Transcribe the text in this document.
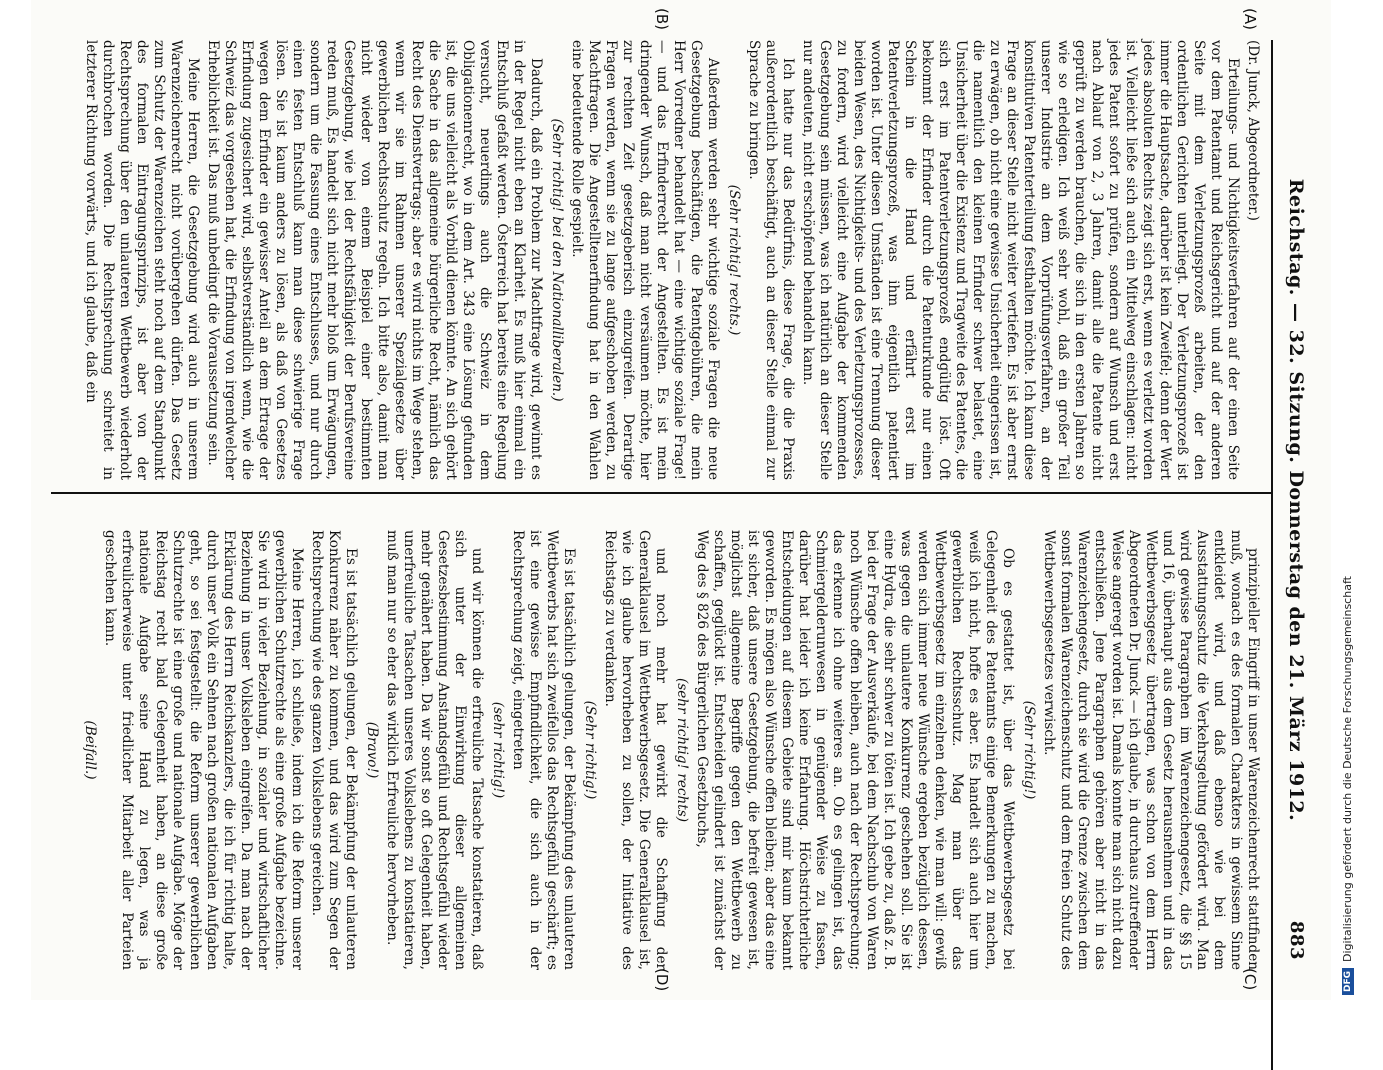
Reichstag. — 32. Sitzung. Donnerstag den 21. März 1912.
883
(A)
(B)
(C)
(D)

(Dr. Junck, Abgeordneter.)

Erteilungs- und Nichtigkeitsverfahren auf der einen Seite vor dem Patentamt und Reichsgericht und auf der anderen Seite mit dem Verletzungsprozeß arbeiten, der den ordentlichen Gerichten unterliegt. Der Verletzungsprozeß ist immer die Hauptsache, darüber ist kein Zweifel; denn der Wert jedes absoluten Rechts zeigt sich erst, wenn es verletzt worden ist. Vielleicht ließe sich auch ein Mittelweg einschlagen: nicht jedes Patent sofort zu prüfen, sondern auf Wunsch und erst nach Ablauf von 2, 3 Jahren, damit alle die Patente nicht geprüft zu werden brauchen, die sich in den ersten Jahren so wie so erledigen. Ich weiß sehr wohl, daß ein großer Teil unserer Industrie an dem Vorprüfungsverfahren, an der konstitutiven Patenterteilung festhalten möchte. Ich kann diese Frage an dieser Stelle nicht weiter vertiefen. Es ist aber ernst zu erwägen, ob nicht eine gewisse Unsicherheit eingerissen ist, die namentlich den kleinen Erfinder schwer belastet, eine Unsicherheit über die Existenz und Tragweite des Patentes, die sich erst im Patentverletzungsprozeß endgültig löst. Oft bekommt der Erfinder durch die Patenturkunde nur einen Schein in die Hand und erfährt erst im Patentverletzungsprozeß, was ihm eigentlich patentiert worden ist. Unter diesen Umständen ist eine Trennung dieser beiden Wesen, des Nichtigkeits- und des Verletzungsprozesses, zu fordern, wird vielleicht eine Aufgabe der kommenden Gesetzgebung sein müssen, was ich natürlich an dieser Stelle nur andeuten, nicht erschöpfend behandeln kann.

Ich hatte nur das Bedürfnis, diese Frage, die die Praxis außerordentlich beschäftigt, auch an dieser Stelle einmal zur Sprache zu bringen.

(Sehr richtig! rechts.)

Außerdem werden sehr wichtige soziale Fragen die neue Gesetzgebung beschäftigen, die Patentgebühren, die mein Herr Vorredner behandelt hat — eine wichtige soziale Frage! — und das Erfinderrecht der Angestellten. Es ist mein dringender Wunsch, daß man nicht versäumen möchte, hier zur rechten Zeit gesetzgeberisch einzugreifen. Derartige Fragen werden, wenn sie zu lange aufgeschoben werden, zu Machtfragen. Die Angestelltenerfindung hat in den Wahlen eine bedeutende Rolle gespielt.

(Sehr richtig! bei den Nationalliberalen.)

Dadurch, daß ein Problem zur Machtfrage wird, gewinnt es in der Regel nicht eben an Klarheit. Es muß hier einmal ein Entschluß gefaßt werden. Österreich hat bereits eine Regelung versucht, neuerdings auch die Schweiz in dem Obligationenrecht, wo in dem Art. 343 eine Lösung gefunden ist, die uns vielleicht als Vorbild dienen könnte. An sich gehört die Sache in das allgemeine bürgerliche Recht, nämlich das Recht des Dienstvertrags; aber es wird nichts im Wege stehen, wenn wir sie im Rahmen unserer Spezialgesetze über gewerblichen Rechtsschutz regeln. Ich bitte also, damit man nicht wieder von einem Beispiel einer bestimmten Gesetzgebung, wie bei der Rechtsfähigkeit der Berufsvereine reden muß, Es handelt sich nicht mehr bloß um Erwägungen, sondern um die Fassung eines Entschlusses, und nur durch einen festen Entschluß kann man diese schwierige Frage lösen. Sie ist kaum anders zu lösen, als daß von Gesetzes wegen dem Erfinder ein gewisser Anteil an dem Ertrage der Erfindung zugesichert wird, selbstverständlich wenn, wie die Schweiz das vorgesehen hat, die Erfindung von irgendwelcher Erheblichkeit ist. Das muß unbedingt die Voraussetzung sein.

Meine Herren, die Gesetzgebung wird auch in unserem Warenzeichenrecht nicht vorübergehen dürfen. Das Gesetz zum Schutz der Warenzeichen steht noch auf dem Standpunkt des formalen Eintragungsprinzips, ist aber von der Rechtsprechung über den unlauteren Wettbewerb wiederholt durchbrochen worden. Die Rechtsprechung schreitet in letzterer Richtung vorwärts, und ich glaube, daß ein

prinzipieller Eingriff in unser Warenzeichenrecht stattfinden muß, wonach es des formalen Charakters in gewissem Sinne entkleidet wird, und daß ebenso wie bei dem Ausstattungsschutz die Verkehrsgeltung gefördert wird. Man wird gewisse Paragraphen im Warenzeichengesetz, die §§ 15 und 16, überhaupt aus dem Gesetz herausnehmen und in das Wettbewerbsgesetz übertragen, was schon von dem Herrn Abgeordneten Dr. Junck — ich glaube, in durchaus zutreffender Weise angeregt worden ist. Damals konnte man sich nicht dazu entschließen. Jene Paragraphen gehören aber nicht in das Warenzeichengesetz, durch sie wird die Grenze zwischen dem sonst formalen Warenzeichenschutz und dem freien Schutz des Wettbewerbsgesetzes verwischt.

(Sehr richtig!)

Ob es gestattet ist, über das Wettbewerbsgesetz bei Gelegenheit des Patentamts einige Bemerkungen zu machen, weiß ich nicht, hoffe es aber. Es handelt sich auch hier um gewerblichen Rechtsschutz. Mag man über das Wettbewerbsgesetz im einzelnen denken, wie man will: gewiß werden sich immer neue Wünsche ergeben bezüglich dessen, was gegen die unlautere Konkurrenz geschehen soll. Sie ist eine Hydra, die sehr schwer zu töten ist. Ich gebe zu, daß z. B. bei der Frage der Ausverkäufe, bei dem Nachschub von Waren noch Wünsche offen bleiben, auch nach der Rechtsprechung; das erkenne ich ohne weiteres an. Ob es gelingen ist, das Schmiergelderunwesen in genügender Weise zu fassen, darüber hat leider ich keine Erfahrung. Höchstrichterliche Entscheidungen auf diesem Gebiete sind mir kaum bekannt geworden. Es mögen also Wünsche offen bleiben; aber das eine ist sicher, daß unsere Gesetzgebung, die befreit gewesen ist, möglichst allgemeine Begriffe gegen den Wettbewerb zu schaffen, geglückt ist. Entscheiden gelindert ist zunächst der Weg des § 826 des Bürgerlichen Gesetzbuchs,

(sehr richtig! rechts)

und noch mehr hat gewirkt die Schaffung der Generalklausel im Wettbewerbsgesetz. Die Generalklausel ist, wie ich glaube hervorheben zu sollen, der Initiative des Reichstags zu verdanken.

(Sehr richtig!)

Es ist tatsächlich gelungen, der Bekämpfung des unlauteren Wettbewerbs hat sich zweifellos das Rechtsgefühl geschärft; es ist eine gewisse Empfindlichkeit, die sich auch in der Rechtsprechung zeigt, eingetreten

(sehr richtig!)

und wir können die erfreuliche Tatsache konstatieren, daß sich unter der Einwirkung dieser allgemeinen Gesetzesbestimmung Anstandsgefühl und Rechtsgefühl wieder mehr genähert haben. Da wir sonst so oft Gelegenheit haben, unerfreuliche Tatsachen unseres Volkslebens zu konstatieren, muß man nur so eher das wirklich Erfreuliche hervorheben.

(Bravo!)

Es ist tatsächlich gelungen, der Bekämpfung der unlauteren Konkurrenz näher zu kommen, und das wird zum Segen der Rechtsprechung wie des ganzen Volkslebens gereichen.

Meine Herren, ich schließe, indem ich die Reform unserer gewerblichen Schutzrechte als eine große Aufgabe bezeichne. Sie wird in vieler Beziehung, in sozialer und wirtschaftlicher Beziehung in unser Volksleben eingreifen. Da man nach der Erklärung des Herrn Reichskanzlers, die ich für richtig halte, durch unser Volk ein Sehnen nach großen nationalen Aufgaben geht, so sei festgestellt: die Reform unserer gewerblichen Schutzrechte ist eine große und nationale Aufgabe. Möge der Reichstag recht bald Gelegenheit haben, an diese große nationale Aufgabe seine Hand zu legen, was ja erfreulicherweise unter friedlicher Mitarbeit aller Parteien geschehen kann.

(Beifall.)

DFGDigitalisierung gefördert durch die Deutsche Forschungsgemeinschaft
